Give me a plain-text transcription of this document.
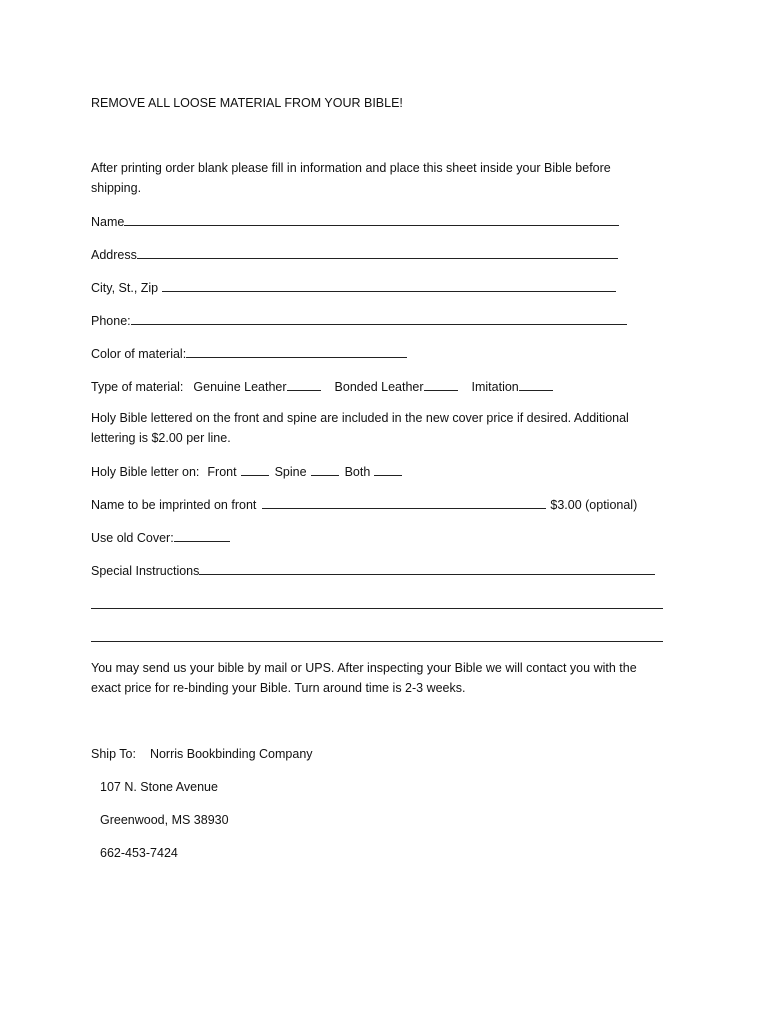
REMOVE ALL LOOSE MATERIAL FROM YOUR BIBLE!
After printing order blank please fill in information and place this sheet inside your Bible before shipping.
Name
Address
City, St., Zip
Phone:
Color of material:
Type of material: Genuine Leather	Bonded Leather	Imitation
Holy Bible lettered on the front and spine are included in the new cover price if desired. Additional lettering is $2.00 per line.
Holy Bible letter on: Front	Spine	Both
Name to be imprinted on front	$3.00 (optional)
Use old Cover:
Special Instructions
You may send us your bible by mail or UPS. After inspecting your Bible we will contact you with the exact price for re-binding your Bible. Turn around time is 2-3 weeks.
Ship To: Norris Bookbinding Company
107 N. Stone Avenue
Greenwood, MS 38930
662-453-7424
